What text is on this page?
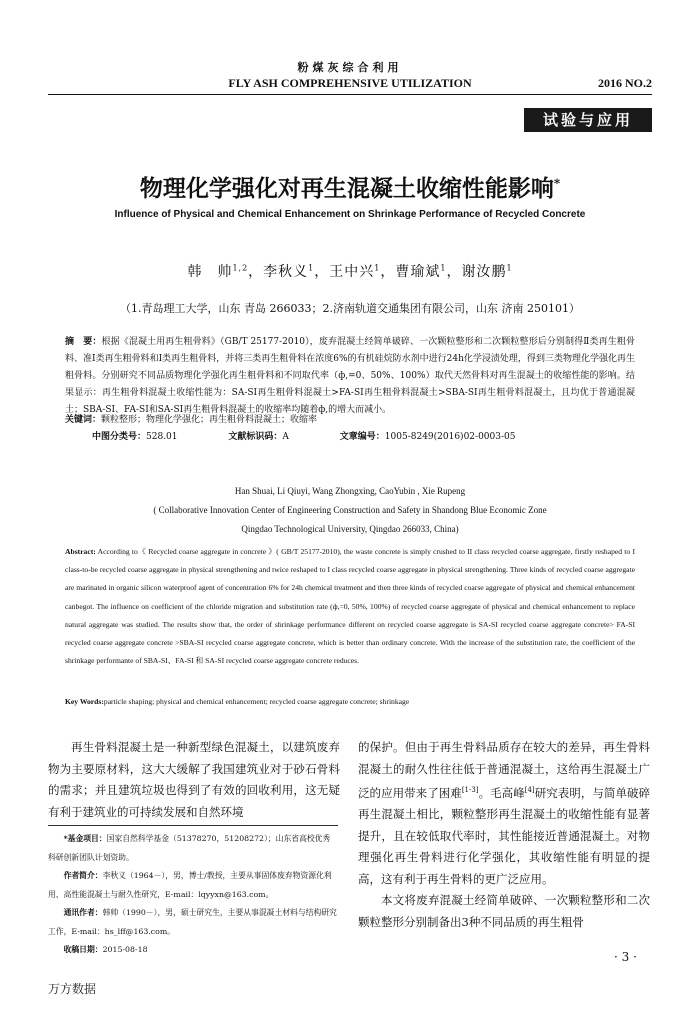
粉煤灰综合利用
FLY ASH COMPREHENSIVE UTILIZATION	2016 NO.2
试验与应用
物理化学强化对再生混凝土收缩性能影响*
Influence of Physical and Chemical Enhancement on Shrinkage Performance of Recycled Concrete
韩　帅$^{1,2}$，李秋义$^1$，王中兴$^1$，曹瑜斌$^1$，谢汝鹏$^1$
（1.青岛理工大学，山东 青岛 266033；2.济南轨道交通集团有限公司，山东 济南 250101）
摘　要：根据《混凝土用再生粗骨料》（GB/T 25177-2010），废弃混凝土经简单破碎、一次颗粒整形和二次颗粒整形后分别制得Ⅱ类再生粗骨料、准Ⅰ类再生粗骨料和Ⅰ类再生粗骨料，并将三类再生粗骨料在浓度6%的有机硅烷防水剂中进行24h化学浸渍处理，得到三类物理化学强化再生粗骨料。分别研究不同品质物理化学强化再生粗骨料和不同取代率（ф,=0、50%、100%）取代天然骨料对再生混凝土的收缩性能的影响。结果显示：再生粗骨料混凝土收缩性能为：SA-SI再生粗骨料混凝土>FA-SI再生粗骨料混凝土>SBA-SI再生粗骨料混凝土，且均优于普通混凝土；SBA-SI、FA-SI和SA-SI再生粗骨料混凝土的收缩率均随着ф,的增大而减小。
关键词：颗粒整形；物理化学强化；再生粗骨料混凝土；收缩率
中图分类号：528.01	文献标识码：A	文章编号：1005-8249(2016)02-0003-05
Han Shuai, Li Qiuyi, Wang Zhongxing, CaoYubin , Xie Rupeng
( Collaborative Innovation Center of Engineering Construction and Safety in Shandong Blue Economic Zone
Qingdao Technological University, Qingdao 266033, China)
Abstract: According to《 Recycled coarse aggregate in concrete 》( GB/T 25177-2010), the waste concrete is simply crushed to II class recycled coarse aggregate, firstly reshaped to I class-to-be recycled coarse aggregate in physical strengthening and twice reshaped to I class recycled coarse aggregate in physical strengthening. Three kinds of recycled coarse aggregate are marinated in organic silicon waterproof agent of concentration 6% for 24h chemical treatment and then three kinds of recycled coarse aggregate of physical and chemical enhancement canbegot. The influence on coefficient of the chloride migration and substitution rate (ф,=0, 50%, 100%) of recycled coarse aggregate of physical and chemical enhancement to replace natural aggregate was studied. The results show that, the order of shrinkage performance different on recycled coarse aggregate is SA-SI recycled coarse aggregate concrete> FA-SI recycled coarse aggregate concrete >SBA-SI recycled coarse aggregate concrete, which is better than ordinary concrete. With the increase of the substitution rate, the coefficient of the shrinkage performante of SBA-SI、FA-SI 和 SA-SI recycled coarse aggregate concrete reduces.
Key Words:particle shaping; physical and chemical enhancement; recycled coarse aggregate concrete; shrinkage

再生骨料混凝土是一种新型绿色混凝土，以建筑废弃物为主要原材料，这大大缓解了我国建筑业对于砂石骨料的需求；并且建筑垃圾也得到了有效的回收利用，这无疑有利于建筑业的可持续发展和自然环境

*基金项目：国家自然科学基金（51378270，51208272）；山东省高校优秀科研创新团队计划资助。

作者简介：李秋义（1964－），男，博士/教授，主要从事固体废弃物资源化利用、高性能混凝土与耐久性研究，E-mail：lqyyxn@163.com。

通讯作者：韩帅（1990－），男，硕士研究生，主要从事混凝土材料与结构研究工作，E-mail：hs_lff@163.com。

收稿日期：2015-08-18

的保护。但由于再生骨料品质存在较大的差异，再生骨料混凝土的耐久性往往低于普通混凝土，这给再生混凝土广泛的应用带来了困难[1-3]。毛高峰[4]研究表明，与简单破碎再生混凝土相比，颗粒整形再生混凝土的收缩性能有显著提升，且在较低取代率时，其性能接近普通混凝土。对物理强化再生骨料进行化学强化，其收缩性能有明显的提高，这有利于再生骨料的更广泛应用。

本文将废弃混凝土经简单破碎、一次颗粒整形和二次颗粒整形分别制备出3种不同品质的再生粗骨

· 3 ·
万方数据
